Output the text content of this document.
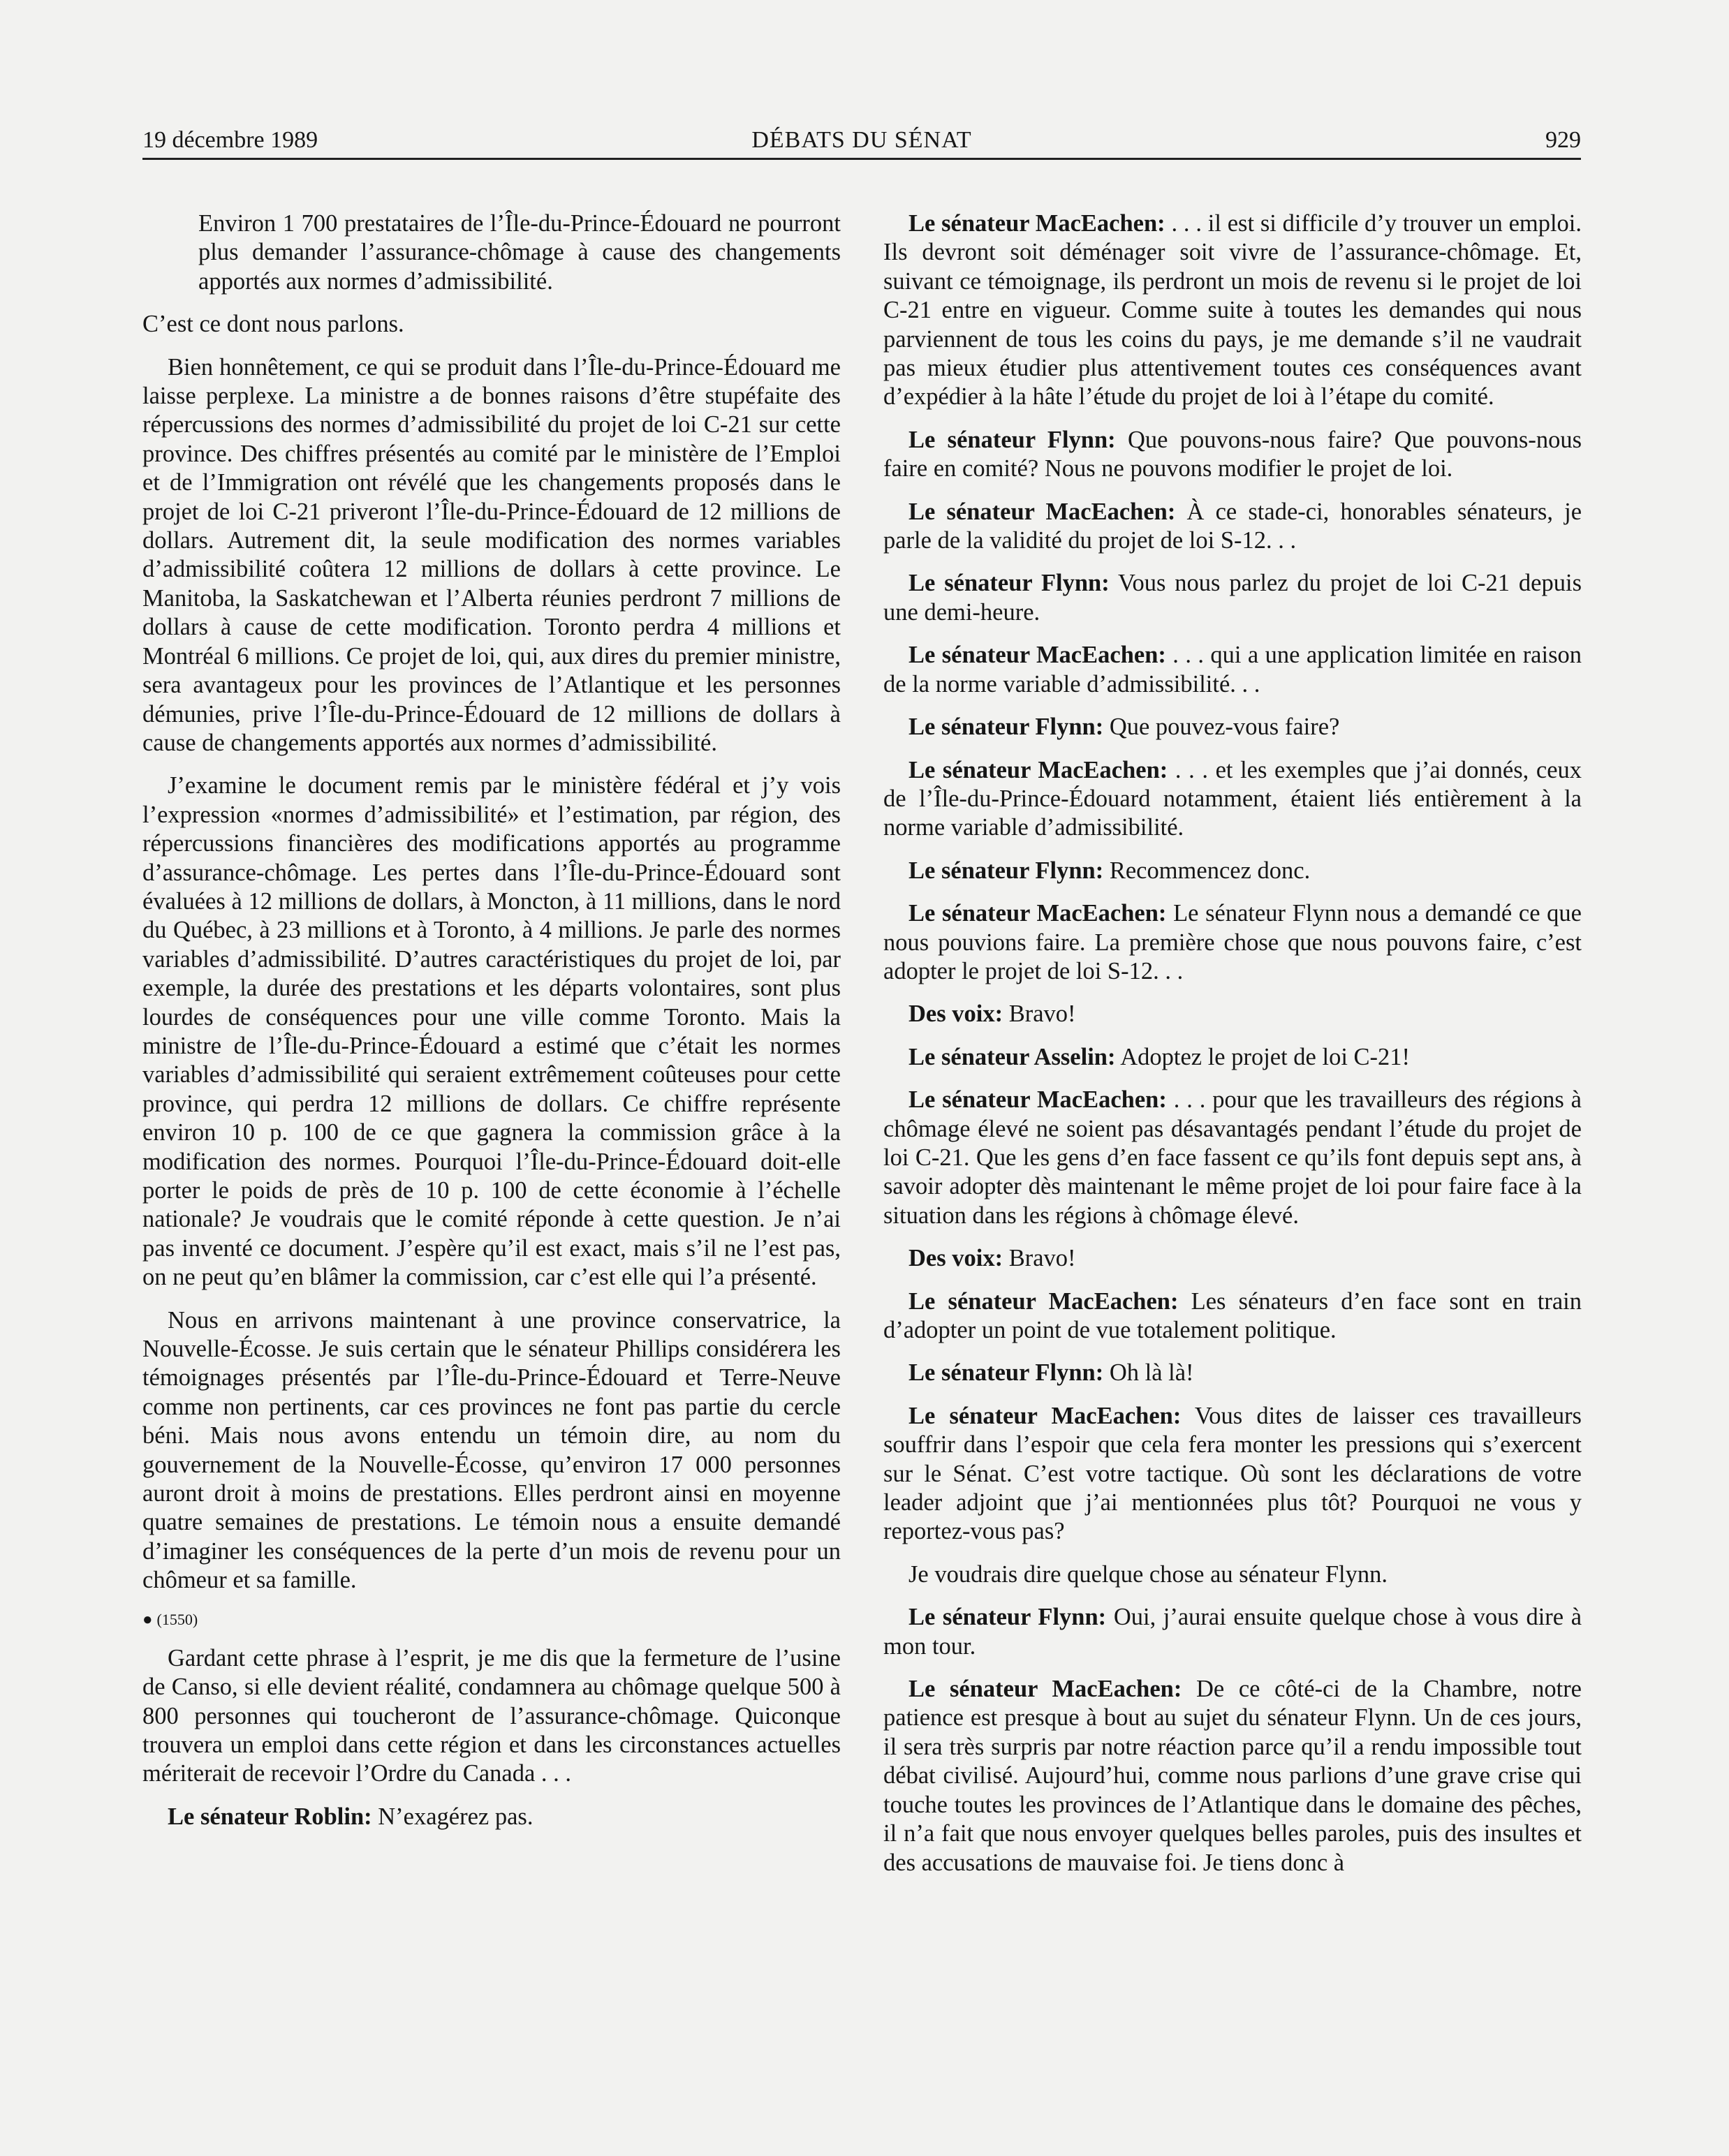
19 décembre 1989	DÉBATS DU SÉNAT	929

Environ 1 700 prestataires de l’Île-du-Prince-Édouard ne pourront plus demander l’assurance-chômage à cause des changements apportés aux normes d’admissibilité.

C’est ce dont nous parlons.

Bien honnêtement, ce qui se produit dans l’Île-du-Prince-Édouard me laisse perplexe. La ministre a de bonnes raisons d’être stupéfaite des répercussions des normes d’admissibilité du projet de loi C-21 sur cette province. Des chiffres présentés au comité par le ministère de l’Emploi et de l’Immigration ont révélé que les changements proposés dans le projet de loi C-21 priveront l’Île-du-Prince-Édouard de 12 millions de dollars. Autrement dit, la seule modification des normes variables d’admissibilité coûtera 12 millions de dollars à cette province. Le Manitoba, la Saskatchewan et l’Alberta réunies perdront 7 millions de dollars à cause de cette modification. Toronto perdra 4 millions et Montréal 6 millions. Ce projet de loi, qui, aux dires du premier ministre, sera avantageux pour les provinces de l’Atlantique et les personnes démunies, prive l’Île-du-Prince-Édouard de 12 millions de dollars à cause de changements apportés aux normes d’admissibilité.

J’examine le document remis par le ministère fédéral et j’y vois l’expression «normes d’admissibilité» et l’estimation, par région, des répercussions financières des modifications apportés au programme d’assurance-chômage. Les pertes dans l’Île-du-Prince-Édouard sont évaluées à 12 millions de dollars, à Moncton, à 11 millions, dans le nord du Québec, à 23 millions et à Toronto, à 4 millions. Je parle des normes variables d’admissibilité. D’autres caractéristiques du projet de loi, par exemple, la durée des prestations et les départs volontaires, sont plus lourdes de conséquences pour une ville comme Toronto. Mais la ministre de l’Île-du-Prince-Édouard a estimé que c’était les normes variables d’admissibilité qui seraient extrêmement coûteuses pour cette province, qui perdra 12 millions de dollars. Ce chiffre représente environ 10 p. 100 de ce que gagnera la commission grâce à la modification des normes. Pourquoi l’Île-du-Prince-Édouard doit-elle porter le poids de près de 10 p. 100 de cette économie à l’échelle nationale? Je voudrais que le comité réponde à cette question. Je n’ai pas inventé ce document. J’espère qu’il est exact, mais s’il ne l’est pas, on ne peut qu’en blâmer la commission, car c’est elle qui l’a présenté.

Nous en arrivons maintenant à une province conservatrice, la Nouvelle-Écosse. Je suis certain que le sénateur Phillips considérera les témoignages présentés par l’Île-du-Prince-Édouard et Terre-Neuve comme non pertinents, car ces provinces ne font pas partie du cercle béni. Mais nous avons entendu un témoin dire, au nom du gouvernement de la Nouvelle-Écosse, qu’environ 17 000 personnes auront droit à moins de prestations. Elles perdront ainsi en moyenne quatre semaines de prestations. Le témoin nous a ensuite demandé d’imaginer les conséquences de la perte d’un mois de revenu pour un chômeur et sa famille.

● (1550)

Gardant cette phrase à l’esprit, je me dis que la fermeture de l’usine de Canso, si elle devient réalité, condamnera au chômage quelque 500 à 800 personnes qui toucheront de l’assurance-chômage. Quiconque trouvera un emploi dans cette région et dans les circonstances actuelles mériterait de recevoir l’Ordre du Canada . . .

Le sénateur Roblin: N’exagérez pas.

Le sénateur MacEachen: . . . il est si difficile d’y trouver un emploi. Ils devront soit déménager soit vivre de l’assurance-chômage. Et, suivant ce témoignage, ils perdront un mois de revenu si le projet de loi C-21 entre en vigueur. Comme suite à toutes les demandes qui nous parviennent de tous les coins du pays, je me demande s’il ne vaudrait pas mieux étudier plus attentivement toutes ces conséquences avant d’expédier à la hâte l’étude du projet de loi à l’étape du comité.

Le sénateur Flynn: Que pouvons-nous faire? Que pouvons-nous faire en comité? Nous ne pouvons modifier le projet de loi.

Le sénateur MacEachen: À ce stade-ci, honorables sénateurs, je parle de la validité du projet de loi S-12. . .

Le sénateur Flynn: Vous nous parlez du projet de loi C-21 depuis une demi-heure.

Le sénateur MacEachen: . . . qui a une application limitée en raison de la norme variable d’admissibilité. . .

Le sénateur Flynn: Que pouvez-vous faire?

Le sénateur MacEachen: . . . et les exemples que j’ai donnés, ceux de l’Île-du-Prince-Édouard notamment, étaient liés entièrement à la norme variable d’admissibilité.

Le sénateur Flynn: Recommencez donc.

Le sénateur MacEachen: Le sénateur Flynn nous a demandé ce que nous pouvions faire. La première chose que nous pouvons faire, c’est adopter le projet de loi S-12. . .

Des voix: Bravo!

Le sénateur Asselin: Adoptez le projet de loi C-21!

Le sénateur MacEachen: . . . pour que les travailleurs des régions à chômage élevé ne soient pas désavantagés pendant l’étude du projet de loi C-21. Que les gens d’en face fassent ce qu’ils font depuis sept ans, à savoir adopter dès maintenant le même projet de loi pour faire face à la situation dans les régions à chômage élevé.

Des voix: Bravo!

Le sénateur MacEachen: Les sénateurs d’en face sont en train d’adopter un point de vue totalement politique.

Le sénateur Flynn: Oh là là!

Le sénateur MacEachen: Vous dites de laisser ces travailleurs souffrir dans l’espoir que cela fera monter les pressions qui s’exercent sur le Sénat. C’est votre tactique. Où sont les déclarations de votre leader adjoint que j’ai mentionnées plus tôt? Pourquoi ne vous y reportez-vous pas?

Je voudrais dire quelque chose au sénateur Flynn.

Le sénateur Flynn: Oui, j’aurai ensuite quelque chose à vous dire à mon tour.

Le sénateur MacEachen: De ce côté-ci de la Chambre, notre patience est presque à bout au sujet du sénateur Flynn. Un de ces jours, il sera très surpris par notre réaction parce qu’il a rendu impossible tout débat civilisé. Aujourd’hui, comme nous parlions d’une grave crise qui touche toutes les provinces de l’Atlantique dans le domaine des pêches, il n’a fait que nous envoyer quelques belles paroles, puis des insultes et des accusations de mauvaise foi. Je tiens donc à
